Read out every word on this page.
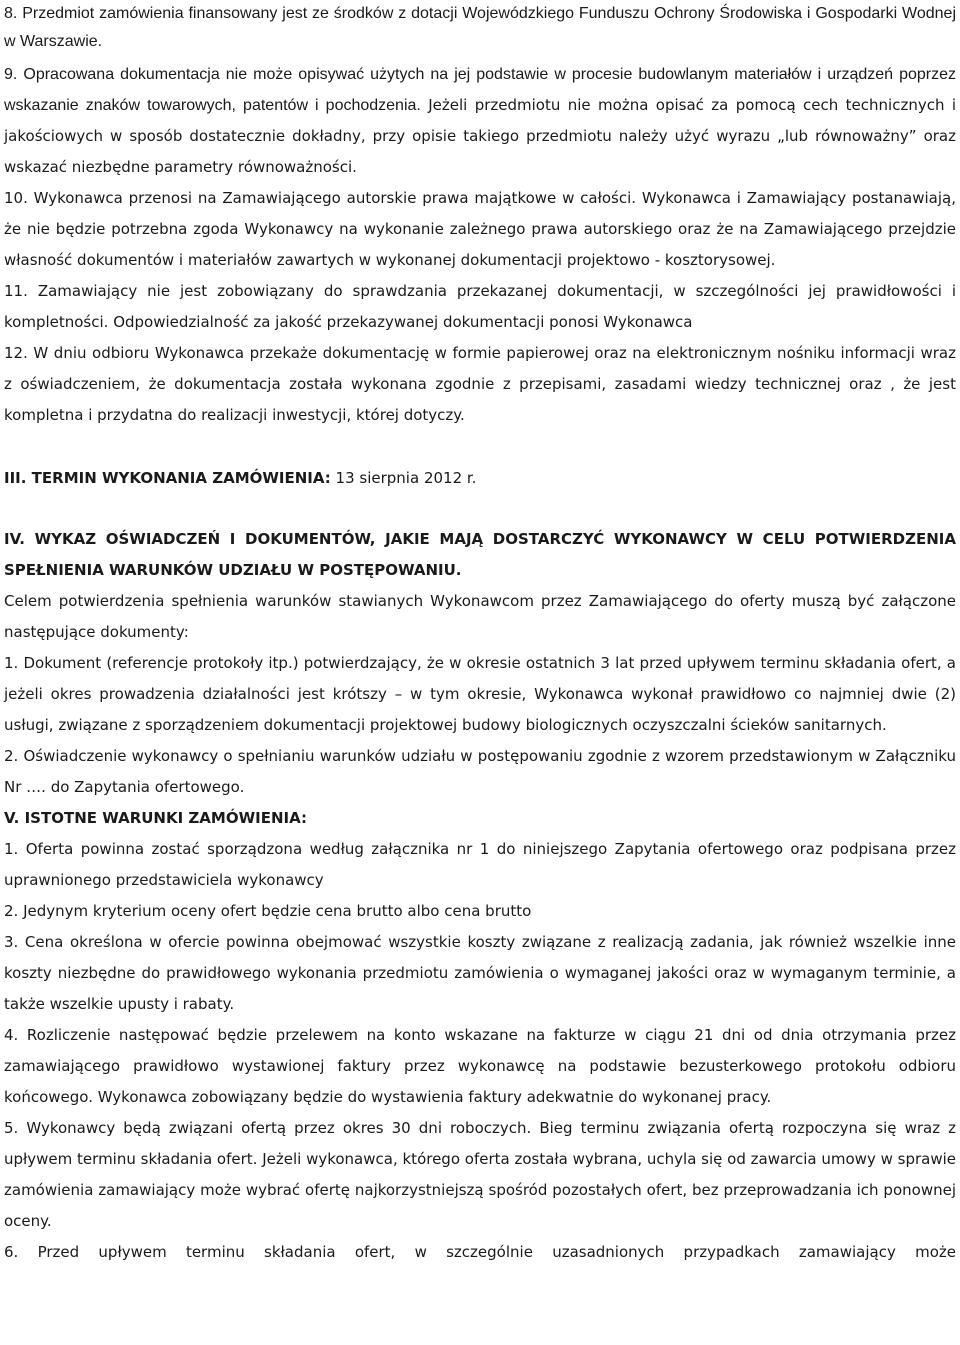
8. Przedmiot zamówienia finansowany jest ze środków z dotacji Wojewódzkiego Funduszu Ochrony Środowiska i Gospodarki Wodnej w Warszawie.

9. Opracowana dokumentacja nie może opisywać użytych na jej podstawie w procesie budowlanym materiałów i urządzeń poprzez wskazanie znaków towarowych, patentów i pochodzenia. Jeżeli przedmiotu nie można opisać za pomocą cech technicznych i jakościowych w sposób dostatecznie dokładny, przy opisie takiego przedmiotu należy użyć wyrazu „lub równoważny” oraz wskazać niezbędne parametry równoważności.

10. Wykonawca przenosi na Zamawiającego autorskie prawa majątkowe w całości. Wykonawca i Zamawiający postanawiają, że nie będzie potrzebna zgoda Wykonawcy na wykonanie zależnego prawa autorskiego oraz że na Zamawiającego przejdzie własność dokumentów i materiałów zawartych w wykonanej dokumentacji projektowo - kosztorysowej.

11. Zamawiający nie jest zobowiązany do sprawdzania przekazanej dokumentacji, w szczególności jej prawidłowości i kompletności. Odpowiedzialność za jakość przekazywanej dokumentacji ponosi Wykonawca

12. W dniu odbioru Wykonawca przekaże dokumentację w formie papierowej oraz na elektronicznym nośniku informacji wraz z oświadczeniem, że dokumentacja została wykonana zgodnie z przepisami, zasadami wiedzy technicznej oraz , że jest kompletna i przydatna do realizacji inwestycji, której dotyczy.

III. TERMIN WYKONANIA ZAMÓWIENIA: 13 sierpnia 2012 r.

IV. WYKAZ OŚWIADCZEŃ I DOKUMENTÓW, JAKIE MAJĄ DOSTARCZYĆ WYKONAWCY W CELU POTWIERDZENIA SPEŁNIENIA WARUNKÓW UDZIAŁU W POSTĘPOWANIU.

Celem potwierdzenia spełnienia warunków stawianych Wykonawcom przez Zamawiającego do oferty muszą być załączone następujące dokumenty:

1. Dokument (referencje protokoły itp.) potwierdzający, że w okresie ostatnich 3 lat przed upływem terminu składania ofert, a jeżeli okres prowadzenia działalności jest krótszy – w tym okresie, Wykonawca wykonał prawidłowo co najmniej dwie (2) usługi, związane z sporządzeniem dokumentacji projektowej budowy biologicznych oczyszczalni ścieków sanitarnych.

2. Oświadczenie wykonawcy o spełnianiu warunków udziału w postępowaniu zgodnie z wzorem przedstawionym w Załączniku Nr …. do Zapytania ofertowego.

V. ISTOTNE WARUNKI ZAMÓWIENIA:

1. Oferta powinna zostać sporządzona według załącznika nr 1 do niniejszego Zapytania ofertowego oraz podpisana przez uprawnionego przedstawiciela wykonawcy

2. Jedynym kryterium oceny ofert będzie cena brutto albo cena brutto

3. Cena określona w ofercie powinna obejmować wszystkie koszty związane z realizacją zadania, jak również wszelkie inne koszty niezbędne do prawidłowego wykonania przedmiotu zamówienia o wymaganej jakości oraz w wymaganym terminie, a także wszelkie upusty i rabaty.

4. Rozliczenie następować będzie przelewem na konto wskazane na fakturze w ciągu 21 dni od dnia otrzymania przez zamawiającego prawidłowo wystawionej faktury przez wykonawcę na podstawie bezusterkowego protokołu odbioru końcowego. Wykonawca zobowiązany będzie do wystawienia faktury adekwatnie do wykonanej pracy.

5. Wykonawcy będą związani ofertą przez okres 30 dni roboczych. Bieg terminu związania ofertą rozpoczyna się wraz z upływem terminu składania ofert. Jeżeli wykonawca, którego oferta została wybrana, uchyla się od zawarcia umowy w sprawie zamówienia zamawiający może wybrać ofertę najkorzystniejszą spośród pozostałych ofert, bez przeprowadzania ich ponownej oceny.

6. Przed upływem terminu składania ofert, w szczególnie uzasadnionych przypadkach zamawiający może
